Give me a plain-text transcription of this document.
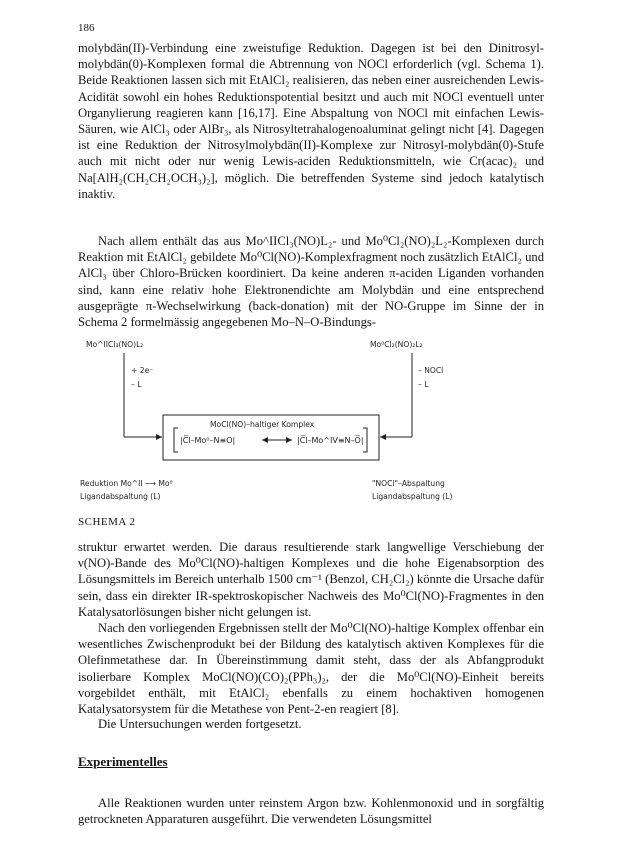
186
molybdän(II)-Verbindung eine zweistufige Reduktion. Dagegen ist bei den Dinitrosyl-molybdän(0)-Komplexen formal die Abtrennung von NOCl erforderlich (vgl. Schema 1). Beide Reaktionen lassen sich mit EtAlCl₂ realisieren, das neben einer ausreichenden Lewis-Acidität sowohl ein hohes Reduktionspotential besitzt und auch mit NOCl eventuell unter Organylierung reagieren kann [16,17]. Eine Abspaltung von NOCl mit einfachen Lewis-Säuren, wie AlCl₃ oder AlBr₃, als Nitrosyltetrahalogenoaluminat gelingt nicht [4]. Dagegen ist eine Reduktion der Nitrosylmolybdän(II)-Komplexe zur Nitrosyl-molybdän(0)-Stufe auch mit nicht oder nur wenig Lewis-aciden Reduktionsmitteln, wie Cr(acac)₂ und Na[AlH₂(CH₂CH₂OCH₃)₂], möglich. Die betreffenden Systeme sind jedoch katalytisch inaktiv.
Nach allem enthält das aus Mo^IICl₃(NO)L₂- und Mo⁰Cl₂(NO)₂L₂-Komplexen durch Reaktion mit EtAlCl₂ gebildete Mo⁰Cl(NO)-Komplexfragment noch zusätzlich EtAlCl₂ und AlCl₃ über Chloro-Brücken koordiniert. Da keine anderen π-aciden Liganden vorhanden sind, kann eine relativ hohe Elektronendichte am Molybdän und eine entsprechend ausgeprägte π-Wechselwirkung (back-donation) mit der NO-Gruppe im Sinne der in Schema 2 formelmässig angegebenen Mo–N–O-Bindungs-
Mo^IICl₃(NO)L₂	Mo⁰Cl₂(NO)₂L₂
+ 2e⁻
– L
– NOCl
– L
MoCl(NO)–haltiger Komplex
|C̅l–Mo⁰–N≡O|	|C̅l–Mo^IV≡N–O̅|
Reduktion Mo^II ⟶ Mo⁰
Ligandabspaltung (L)
"NOCl"–Abspaltung
Ligandabspaltung (L)
SCHEMA 2
struktur erwartet werden. Die daraus resultierende stark langwellige Verschiebung der ν(NO)-Bande des Mo⁰Cl(NO)-haltigen Komplexes und die hohe Eigenabsorption des Lösungsmittels im Bereich unterhalb 1500 cm⁻¹ (Benzol, CH₂Cl₂) könnte die Ursache dafür sein, dass ein direkter IR-spektroskopischer Nachweis des Mo⁰Cl(NO)-Fragmentes in den Katalysatorlösungen bisher nicht gelungen ist.
Nach den vorliegenden Ergebnissen stellt der Mo⁰Cl(NO)-haltige Komplex offenbar ein wesentliches Zwischenprodukt bei der Bildung des katalytisch aktiven Komplexes für die Olefinmetathese dar. In Übereinstimmung damit steht, dass der als Abfangprodukt isolierbare Komplex MoCl(NO)(CO)₂(PPh₃)₂, der die Mo⁰Cl(NO)-Einheit bereits vorgebildet enthält, mit EtAlCl₂ ebenfalls zu einem hochaktiven homogenen Katalysatorsystem für die Metathese von Pent-2-en reagiert [8].
Die Untersuchungen werden fortgesetzt.
Experimentelles
Alle Reaktionen wurden unter reinstem Argon bzw. Kohlenmonoxid und in sorgfältig getrockneten Apparaturen ausgeführt. Die verwendeten Lösungsmittel
